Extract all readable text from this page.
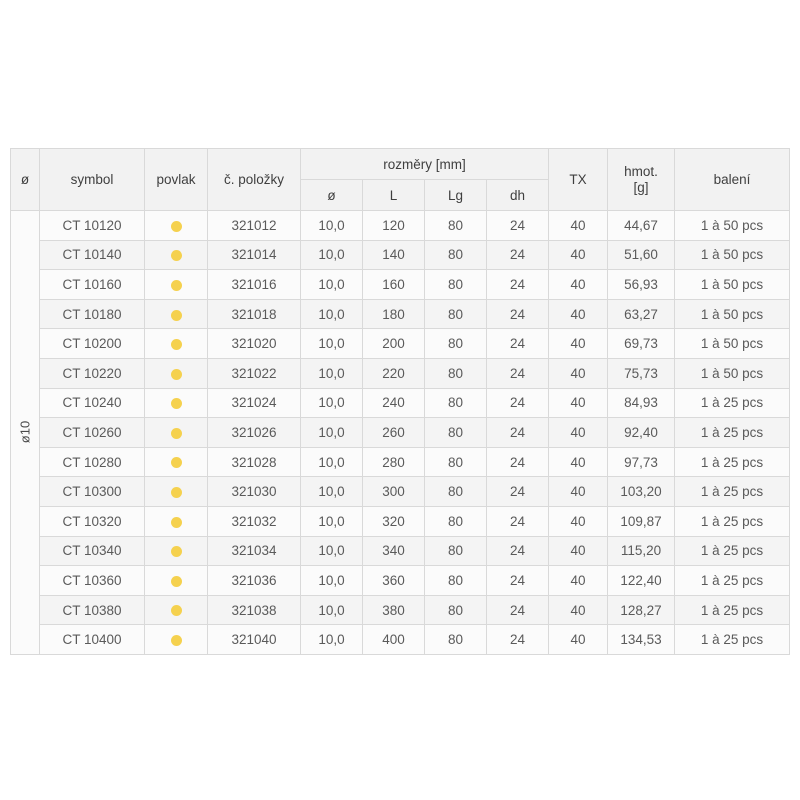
ø	symbol	povlak	č. položky	rozměry [mm]				TX	hmot.
[g]	balení
				ø	L	Lg	dh			

ø10	CT 10120		321012	10,0	120	80	24	40	44,67	1 à 50 pcs
	CT 10140		321014	10,0	140	80	24	40	51,60	1 à 50 pcs
	CT 10160		321016	10,0	160	80	24	40	56,93	1 à 50 pcs
	CT 10180		321018	10,0	180	80	24	40	63,27	1 à 50 pcs
	CT 10200		321020	10,0	200	80	24	40	69,73	1 à 50 pcs
	CT 10220		321022	10,0	220	80	24	40	75,73	1 à 50 pcs
	CT 10240		321024	10,0	240	80	24	40	84,93	1 à 25 pcs
	CT 10260		321026	10,0	260	80	24	40	92,40	1 à 25 pcs
	CT 10280		321028	10,0	280	80	24	40	97,73	1 à 25 pcs
	CT 10300		321030	10,0	300	80	24	40	103,20	1 à 25 pcs
	CT 10320		321032	10,0	320	80	24	40	109,87	1 à 25 pcs
	CT 10340		321034	10,0	340	80	24	40	115,20	1 à 25 pcs
	CT 10360		321036	10,0	360	80	24	40	122,40	1 à 25 pcs
	CT 10380		321038	10,0	380	80	24	40	128,27	1 à 25 pcs
	CT 10400		321040	10,0	400	80	24	40	134,53	1 à 25 pcs
